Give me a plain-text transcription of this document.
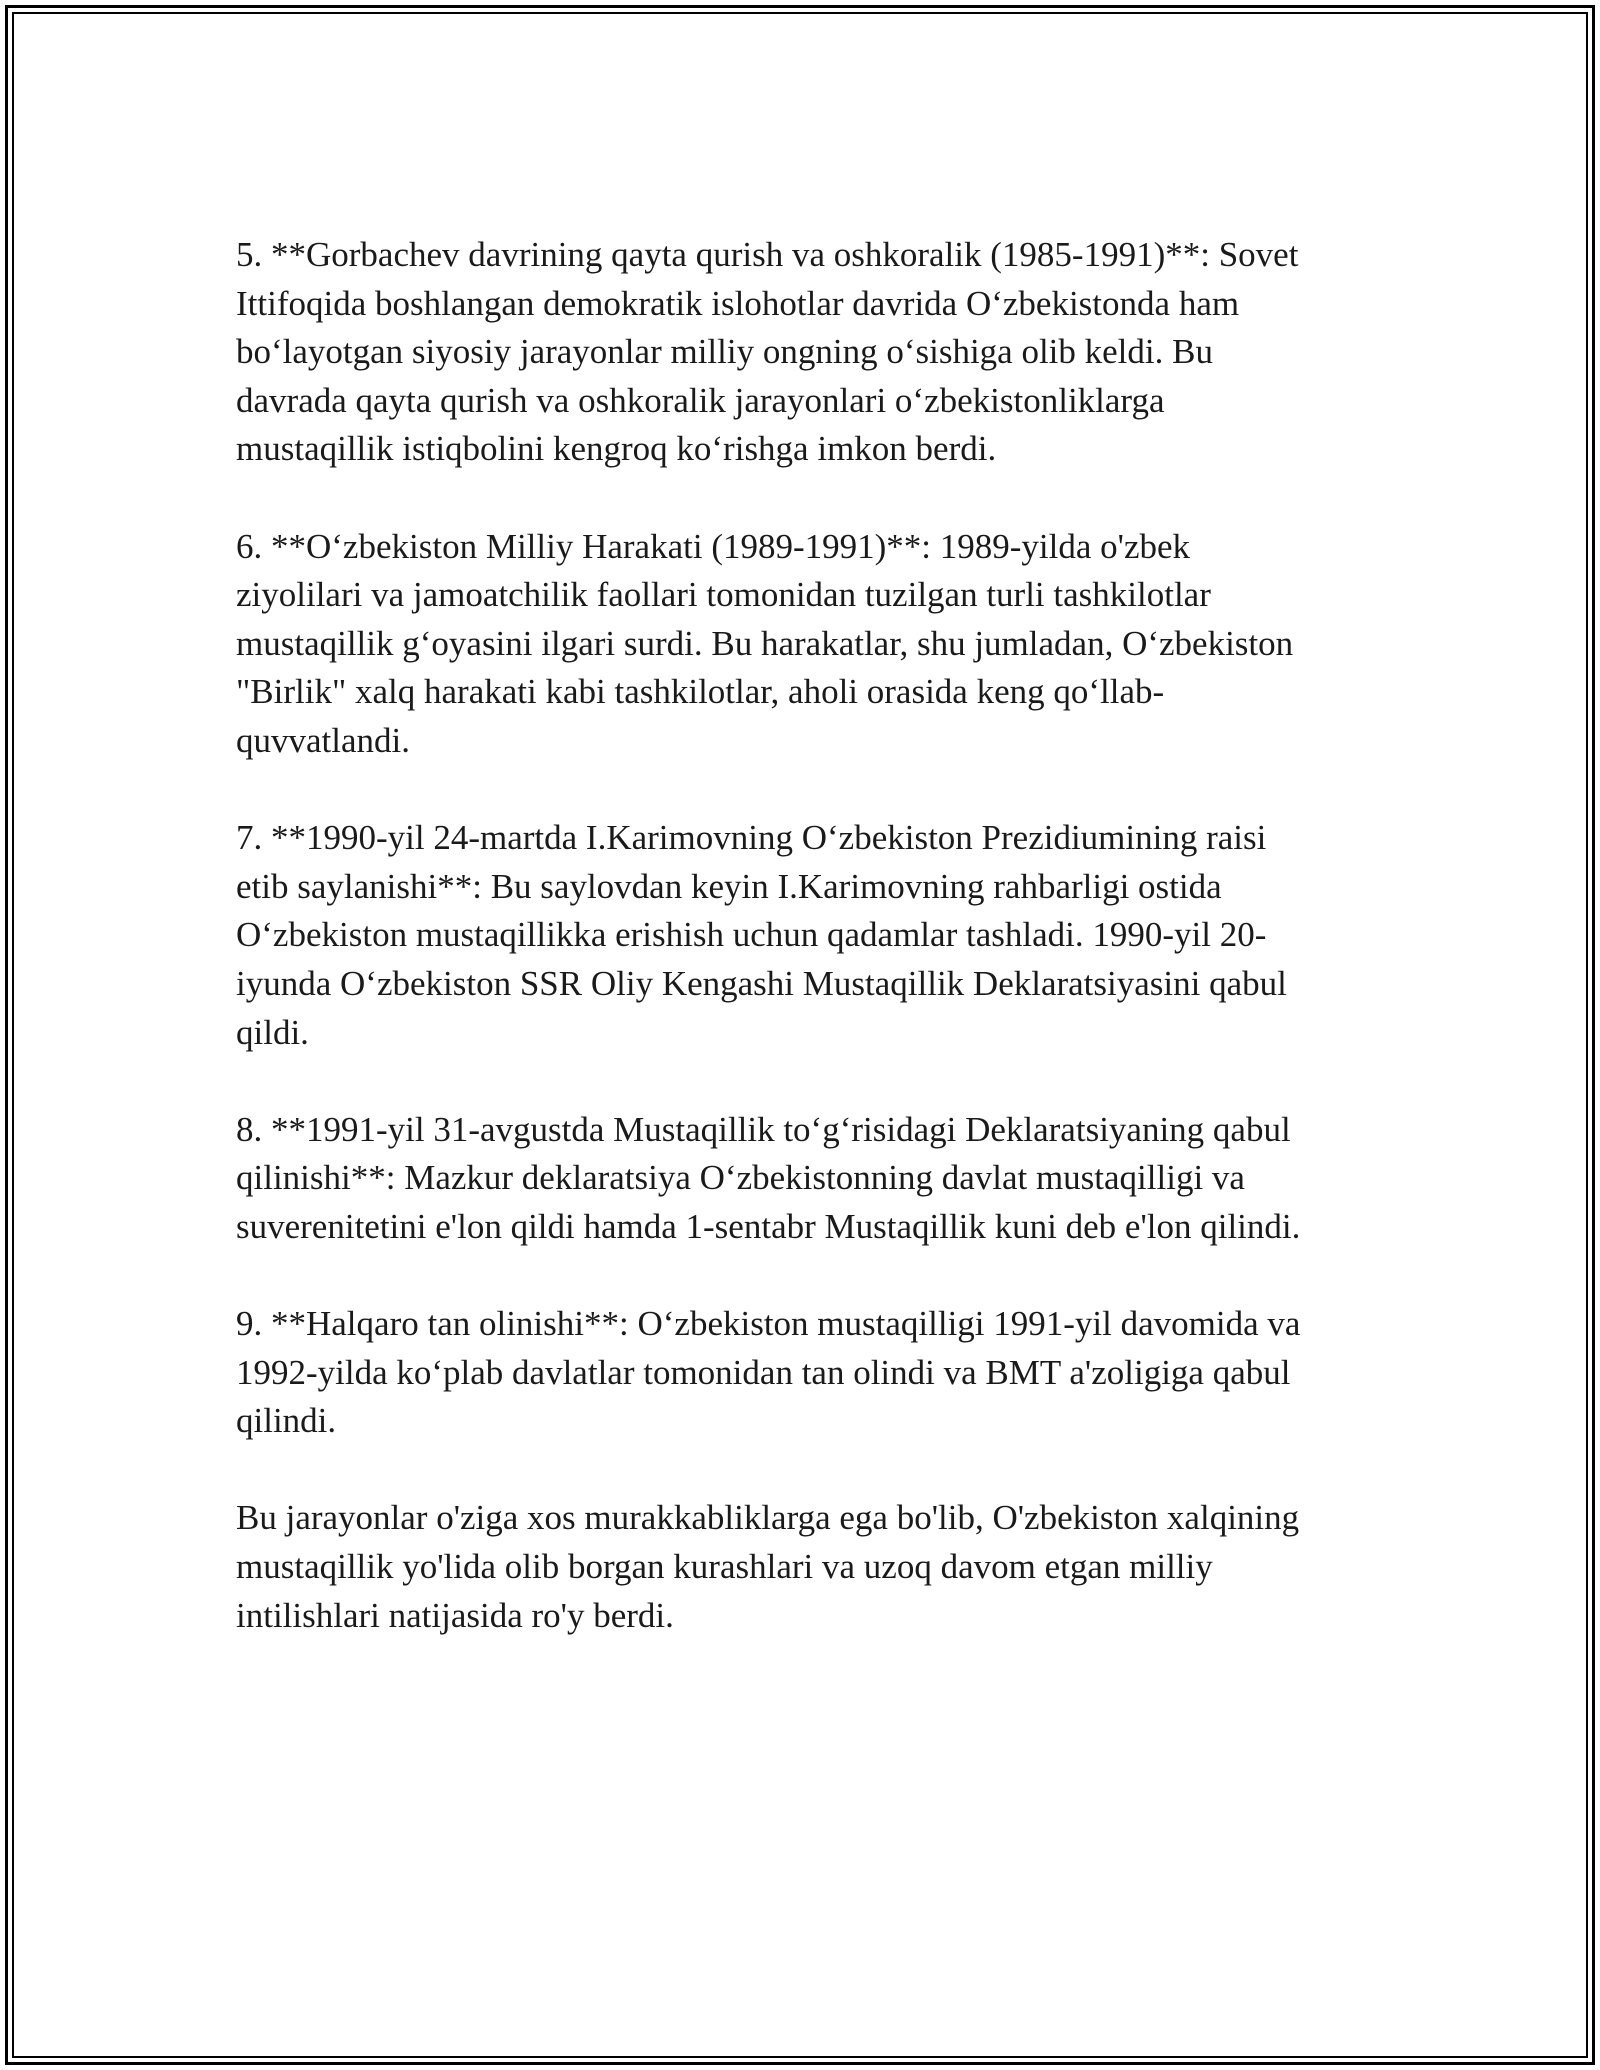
5. **Gorbachev davrining qayta qurish va oshkoralik (1985-1991)**: Sovet
Ittifoqida boshlangan demokratik islohotlar davrida O‘zbekistonda ham
bo‘layotgan siyosiy jarayonlar milliy ongning o‘sishiga olib keldi. Bu
davrada qayta qurish va oshkoralik jarayonlari o‘zbekistonliklarga
mustaqillik istiqbolini kengroq ko‘rishga imkon berdi.

6. **O‘zbekiston Milliy Harakati (1989-1991)**: 1989-yilda o'zbek
ziyolilari va jamoatchilik faollari tomonidan tuzilgan turli tashkilotlar
mustaqillik g‘oyasini ilgari surdi. Bu harakatlar, shu jumladan, O‘zbekiston
"Birlik" xalq harakati kabi tashkilotlar, aholi orasida keng qo‘llab-
quvvatlandi.

7. **1990-yil 24-martda I.Karimovning O‘zbekiston Prezidiumining raisi
etib saylanishi**: Bu saylovdan keyin I.Karimovning rahbarligi ostida
O‘zbekiston mustaqillikka erishish uchun qadamlar tashladi. 1990-yil 20-
iyunda O‘zbekiston SSR Oliy Kengashi Mustaqillik Deklaratsiyasini qabul
qildi.

8. **1991-yil 31-avgustda Mustaqillik to‘g‘risidagi Deklaratsiyaning qabul
qilinishi**: Mazkur deklaratsiya O‘zbekistonning davlat mustaqilligi va
suverenitetini e'lon qildi hamda 1-sentabr Mustaqillik kuni deb e'lon qilindi.

9. **Halqaro tan olinishi**: O‘zbekiston mustaqilligi 1991-yil davomida va
1992-yilda ko‘plab davlatlar tomonidan tan olindi va BMT a'zoligiga qabul
qilindi.

Bu jarayonlar o'ziga xos murakkabliklarga ega bo'lib, O'zbekiston xalqining
mustaqillik yo'lida olib borgan kurashlari va uzoq davom etgan milliy
intilishlari natijasida ro'y berdi.
